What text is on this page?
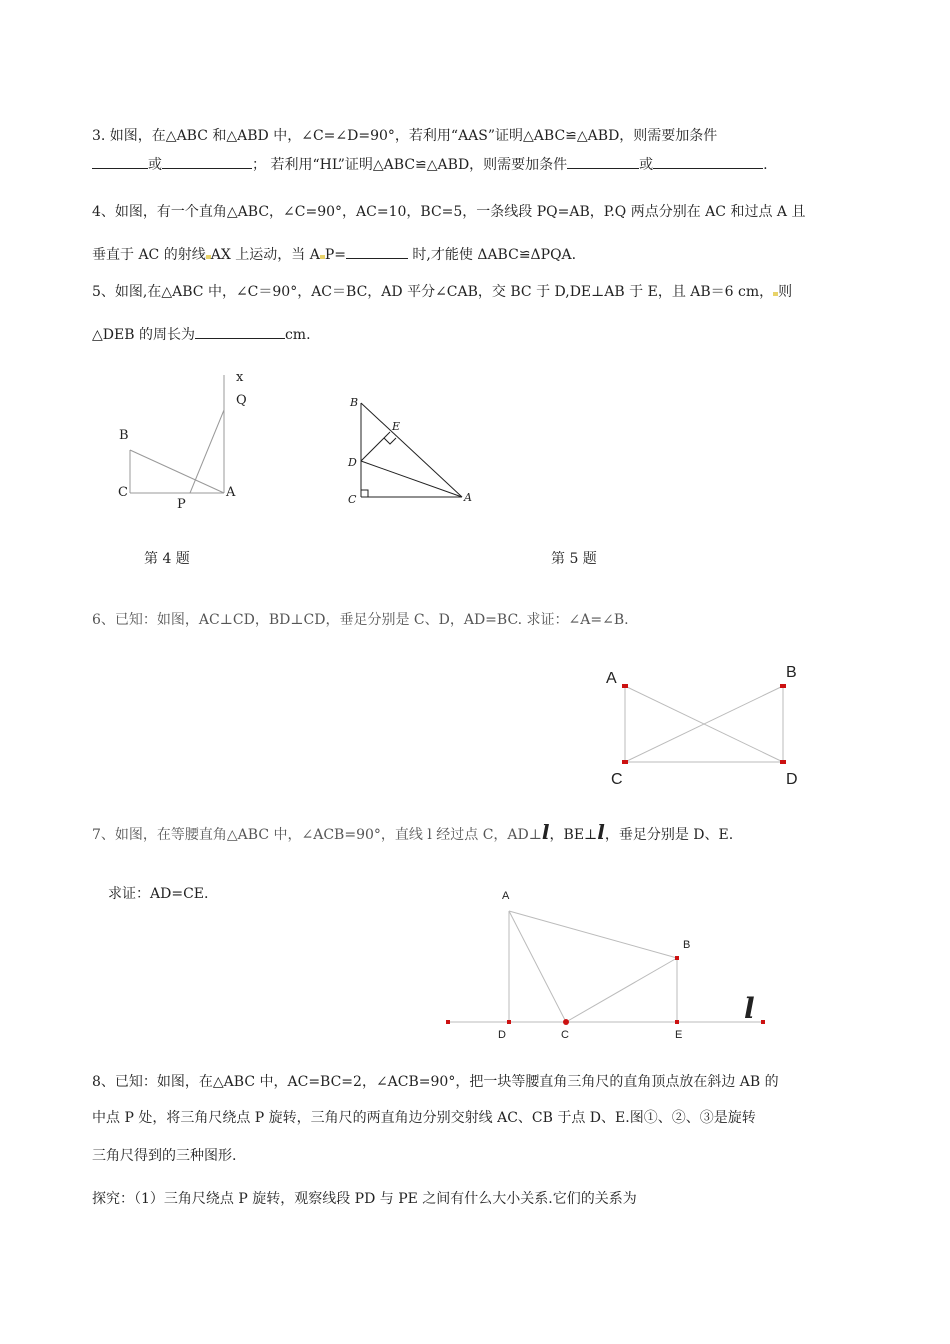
3. 如图，在△ABC 和△ABD 中，∠C=∠D=90°，若利用“AAS”证明△ABC≌△ABD，则需要加条件
或	； 若利用“HL”证明△ABC≌△ABD，则需要加条件	或	.
4、如图，有一个直角△ABC，∠C=90°，AC=10，BC=5，一条线段 PQ=AB，P.Q 两点分别在 AC 和过点 A 且
垂直于 AC 的射线 AX 上运动，当 A P=	时,才能使 ΔABC≌ΔPQA.
5、如图,在△ABC 中，∠C＝90°，AC＝BC，AD 平分∠CAB，交 BC 于 D,DE⊥AB 于 E，且 AB＝6 cm， 则
△DEB 的周长为	cm.
x
Q
B
C	A
P
第 4 题
B
E
D
C	A
第 5 题
6、已知：如图，AC⊥CD，BD⊥CD，垂足分别是 C、D，AD=BC. 求证：∠A=∠B.
A	B
C	D
7、如图，在等腰直角△ABC 中，∠ACB=90°，直线 l 经过点 C，AD⊥l，BE⊥l，垂足分别是 D、E.
求证：AD=CE.	A
B
C
D	E
l
8、已知：如图，在△ABC 中，AC=BC=2，∠ACB=90°，把一块等腰直角三角尺的直角顶点放在斜边 AB 的
中点 P 处，将三角尺绕点 P 旋转，三角尺的两直角边分别交射线 AC、CB 于点 D、E.图①、②、③是旋转
三角尺得到的三种图形.
探究：（1）三角尺绕点 P 旋转，观察线段 PD 与 PE 之间有什么大小关系.它们的关系为
